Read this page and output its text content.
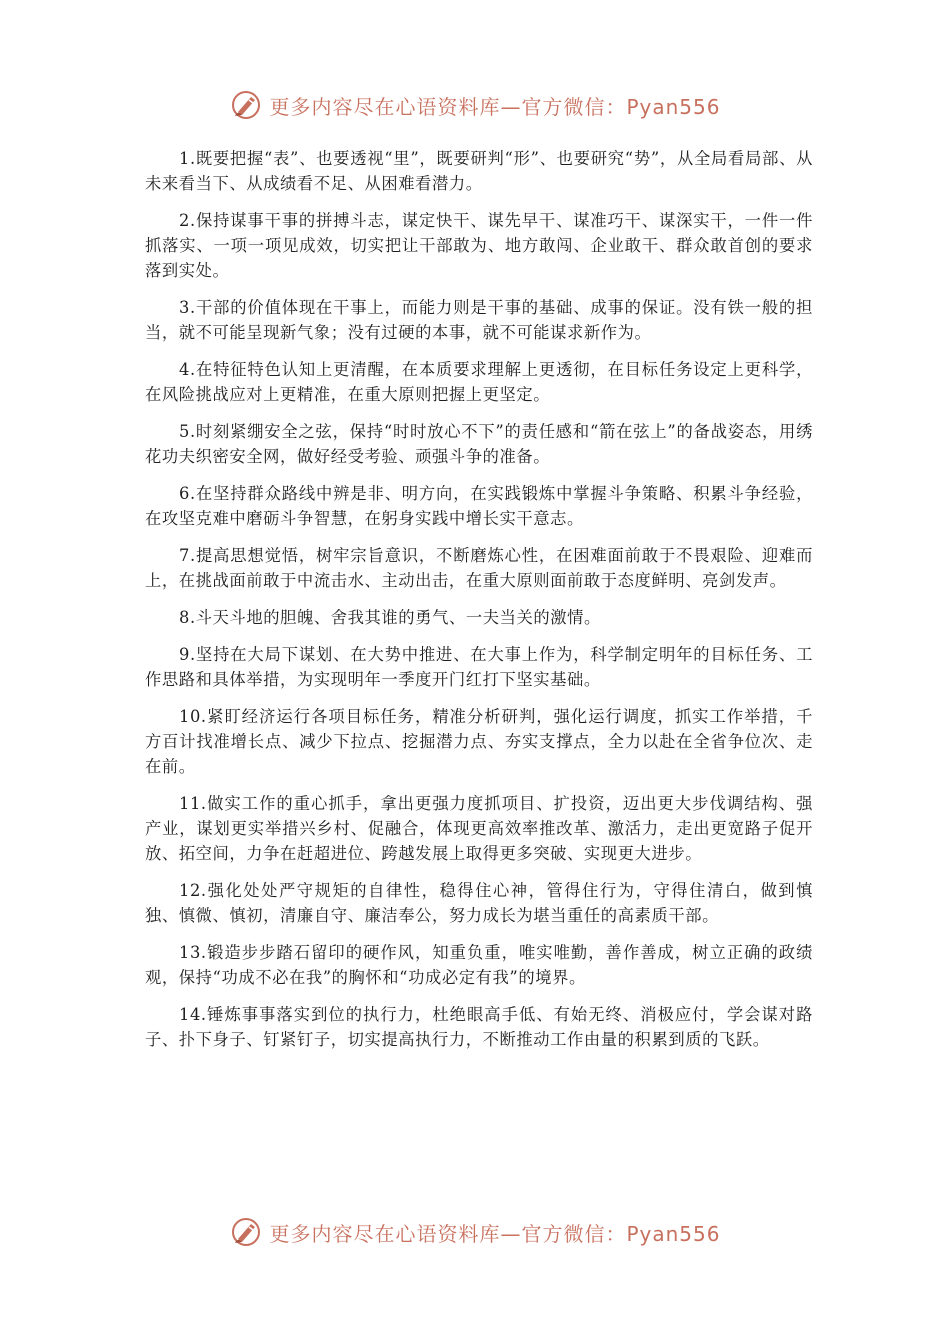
更多内容尽在心语资料库—官方微信：Pyan556

1.既要把握“表”、也要透视“里”，既要研判“形”、也要研究“势”，从全局看局部、从未来看当下、从成绩看不足、从困难看潜力。

2.保持谋事干事的拼搏斗志，谋定快干、谋先早干、谋准巧干、谋深实干，一件一件抓落实、一项一项见成效，切实把让干部敢为、地方敢闯、企业敢干、群众敢首创的要求落到实处。

3.干部的价值体现在干事上，而能力则是干事的基础、成事的保证。没有铁一般的担当，就不可能呈现新气象；没有过硬的本事，就不可能谋求新作为。

4.在特征特色认知上更清醒，在本质要求理解上更透彻，在目标任务设定上更科学，在风险挑战应对上更精准，在重大原则把握上更坚定。

5.时刻紧绷安全之弦，保持“时时放心不下”的责任感和“箭在弦上”的备战姿态，用绣花功夫织密安全网，做好经受考验、顽强斗争的准备。

6.在坚持群众路线中辨是非、明方向，在实践锻炼中掌握斗争策略、积累斗争经验，在攻坚克难中磨砺斗争智慧，在躬身实践中增长实干意志。

7.提高思想觉悟，树牢宗旨意识，不断磨炼心性，在困难面前敢于不畏艰险、迎难而上，在挑战面前敢于中流击水、主动出击，在重大原则面前敢于态度鲜明、亮剑发声。

8.斗天斗地的胆魄、舍我其谁的勇气、一夫当关的激情。

9.坚持在大局下谋划、在大势中推进、在大事上作为，科学制定明年的目标任务、工作思路和具体举措，为实现明年一季度开门红打下坚实基础。

10.紧盯经济运行各项目标任务，精准分析研判，强化运行调度，抓实工作举措，千方百计找准增长点、减少下拉点、挖掘潜力点、夯实支撑点，全力以赴在全省争位次、走在前。

11.做实工作的重心抓手，拿出更强力度抓项目、扩投资，迈出更大步伐调结构、强产业，谋划更实举措兴乡村、促融合，体现更高效率推改革、激活力，走出更宽路子促开放、拓空间，力争在赶超进位、跨越发展上取得更多突破、实现更大进步。

12.强化处处严守规矩的自律性，稳得住心神，管得住行为，守得住清白，做到慎独、慎微、慎初，清廉自守、廉洁奉公，努力成长为堪当重任的高素质干部。

13.锻造步步踏石留印的硬作风，知重负重，唯实唯勤，善作善成，树立正确的政绩观，保持“功成不必在我”的胸怀和“功成必定有我”的境界。

14.锤炼事事落实到位的执行力，杜绝眼高手低、有始无终、消极应付，学会谋对路子、扑下身子、钉紧钉子，切实提高执行力，不断推动工作由量的积累到质的飞跃。

更多内容尽在心语资料库—官方微信：Pyan556
